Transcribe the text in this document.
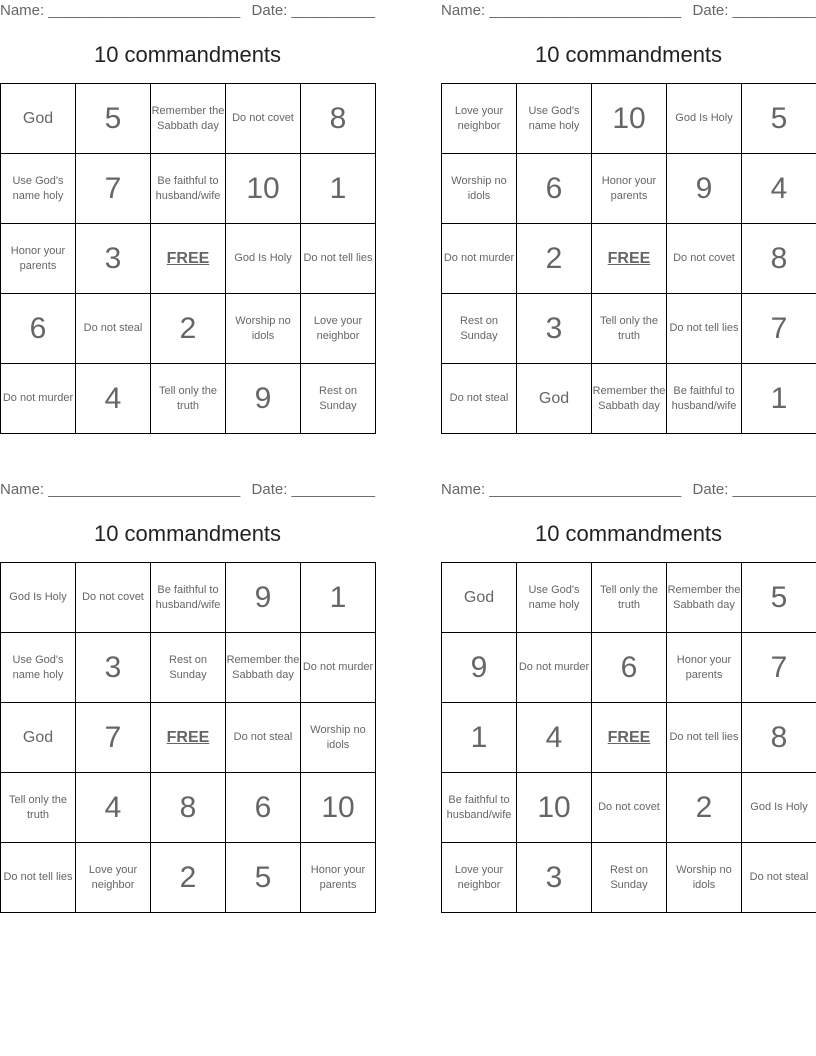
Name: _______________________ Date: __________
10 commandments
God	5	Remember the Sabbath day	Do not covet	8
Use God's name holy	7	Be faithful to husband/wife	10	1
Honor your parents	3	FREE	God Is Holy	Do not tell lies
6	Do not steal	2	Worship no idols	Love your neighbor
Do not murder	4	Tell only the truth	9	Rest on Sunday
Name: _______________________ Date: __________
10 commandments
Love your neighbor	Use God's name holy	10	God Is Holy	5
Worship no idols	6	Honor your parents	9	4
Do not murder	2	FREE	Do not covet	8
Rest on Sunday	3	Tell only the truth	Do not tell lies	7
Do not steal	God	Remember the Sabbath day	Be faithful to husband/wife	1
Name: _______________________ Date: __________
10 commandments
God Is Holy	Do not covet	Be faithful to husband/wife	9	1
Use God's name holy	3	Rest on Sunday	Remember the Sabbath day	Do not murder
God	7	FREE	Do not steal	Worship no idols
Tell only the truth	4	8	6	10
Do not tell lies	Love your neighbor	2	5	Honor your parents
Name: _______________________ Date: __________
10 commandments
God	Use God's name holy	Tell only the truth	Remember the Sabbath day	5
9	Do not murder	6	Honor your parents	7
1	4	FREE	Do not tell lies	8
Be faithful to husband/wife	10	Do not covet	2	God Is Holy
Love your neighbor	3	Rest on Sunday	Worship no idols	Do not steal
